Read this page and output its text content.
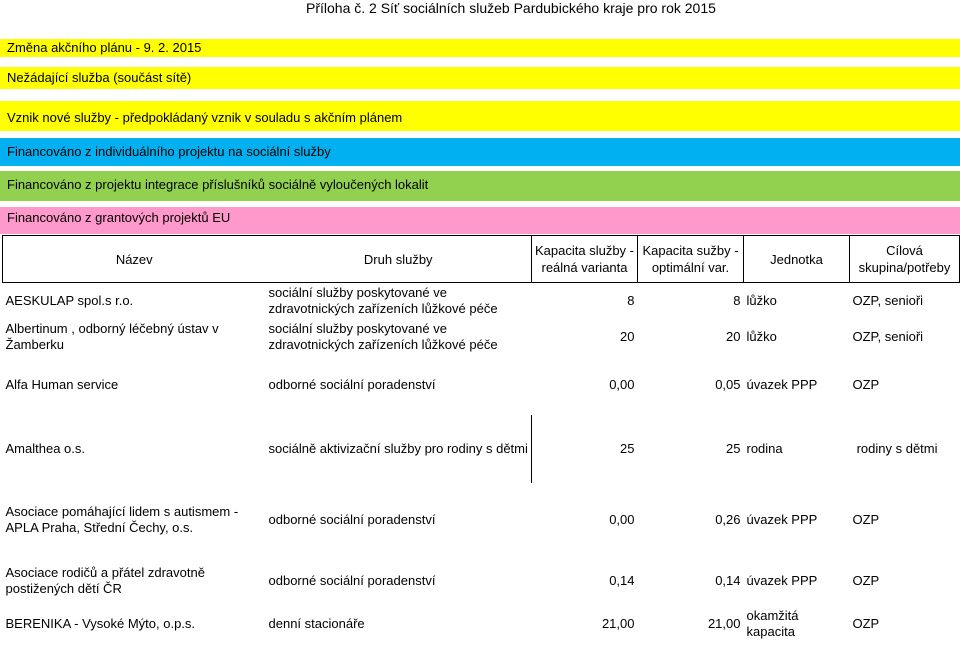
Příloha č. 2 Síť sociálních služeb Pardubického kraje pro rok 2015
Změna akčního plánu - 9. 2. 2015
Nežádající služba (součást sítě)
Vznik nové služby - předpokládaný vznik v souladu s akčním plánem
Financováno z individuálního projektu na sociální služby
Financováno z projektu integrace příslušníků sociálně vyloučených lokalit
Financováno z grantových projektů EU
Název	Druh služby	Kapacita služby - reálná varianta	Kapacita sužby - optimální var.	Jednotka	Cílová skupina/potřeby
AESKULAP spol.s r.o.	sociální služby poskytované ve zdravotnických zařízeních lůžkové péče	8	8	lůžko	OZP, senioři
Albertinum , odborný léčebný ústav v Žamberku	sociální služby poskytované ve zdravotnických zařízeních lůžkové péče	20	20	lůžko	OZP, senioři
Alfa Human service	odborné sociální poradenství	0,00	0,05	úvazek PPP	OZP
Amalthea o.s.	sociálně aktivizační služby pro rodiny s dětmi	25	25	rodina	rodiny s dětmi
Asociace pomáhající lidem s autismem - APLA Praha, Střední Čechy, o.s.	odborné sociální poradenství	0,00	0,26	úvazek PPP	OZP
Asociace rodičů a přátel zdravotně postižených dětí ČR	odborné sociální poradenství	0,14	0,14	úvazek PPP	OZP
BERENIKA - Vysoké Mýto, o.p.s.	denní stacionáře	21,00	21,00	okamžitá kapacita	OZP
